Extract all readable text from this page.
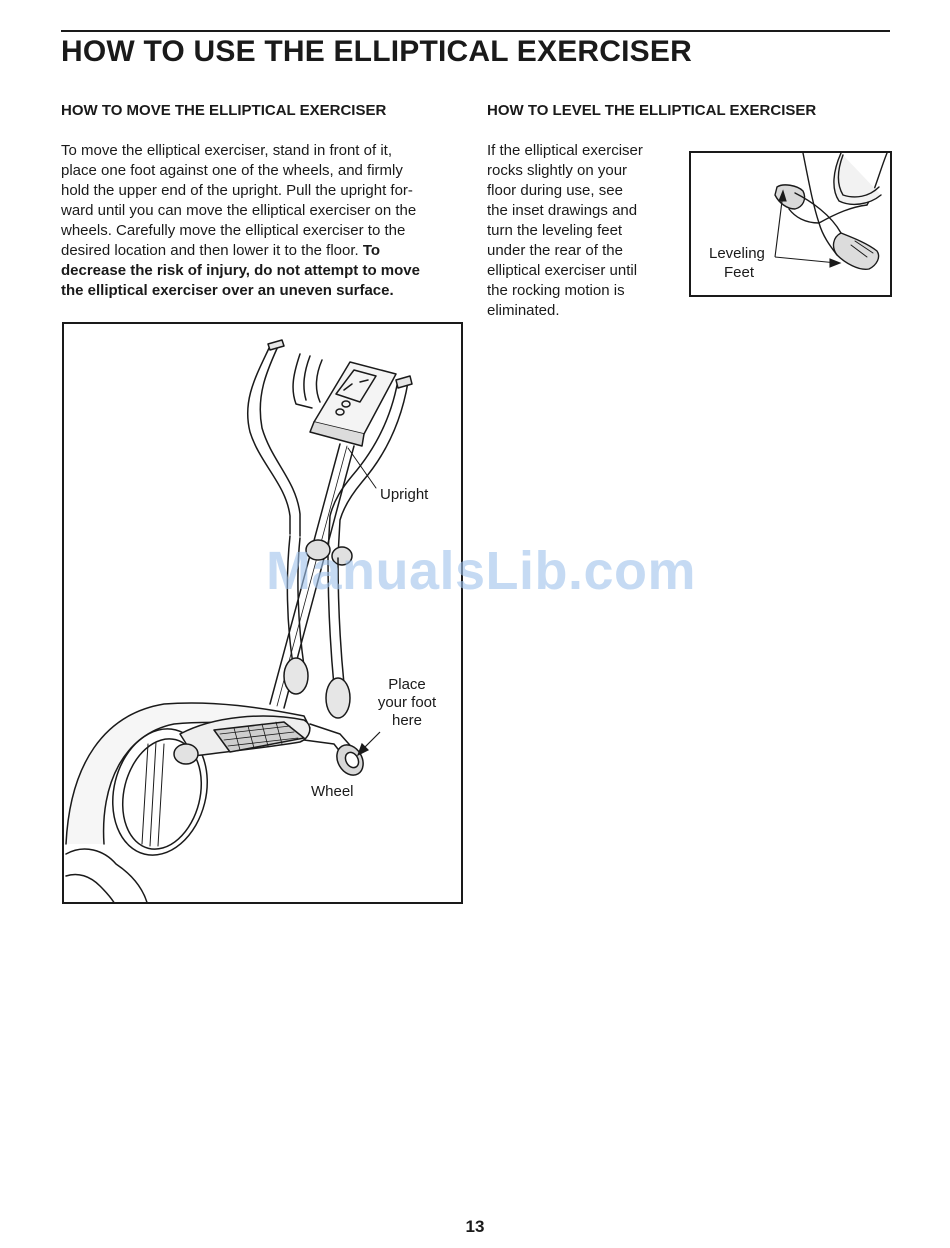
HOW TO USE THE ELLIPTICAL EXERCISER
HOW TO MOVE THE ELLIPTICAL EXERCISER

To move the elliptical exerciser, stand in front of it,
place one foot against one of the wheels, and firmly
hold the upper end of the upright. Pull the upright for-
ward until you can move the elliptical exerciser on the
wheels. Carefully move the elliptical exerciser to the
desired location and then lower it to the floor. To
decrease the risk of injury, do not attempt to move
the elliptical exerciser over an uneven surface.

HOW TO LEVEL THE ELLIPTICAL EXERCISER

If the elliptical exerciser
rocks slightly on your
floor during use, see
the inset drawings and
turn the leveling feet
under the rear of the
elliptical exerciser until
the rocking motion is
eliminated.

Leveling
Feet
Upright
Place
your foot
here
Wheel
ManualsLib.com
13
